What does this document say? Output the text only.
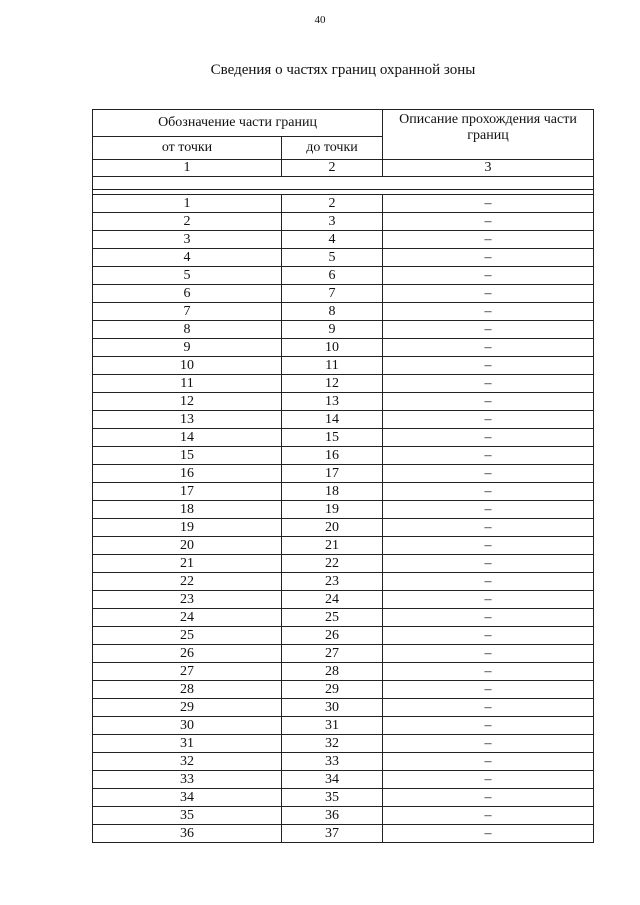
40
Сведения о частях границ охранной зоны
Обозначение части границ		Описание прохождения части границ
от точки	до точки	
1	2	3

1	2	–
2	3	–
3	4	–
4	5	–
5	6	–
6	7	–
7	8	–
8	9	–
9	10	–
10	11	–
11	12	–
12	13	–
13	14	–
14	15	–
15	16	–
16	17	–
17	18	–
18	19	–
19	20	–
20	21	–
21	22	–
22	23	–
23	24	–
24	25	–
25	26	–
26	27	–
27	28	–
28	29	–
29	30	–
30	31	–
31	32	–
32	33	–
33	34	–
34	35	–
35	36	–
36	37	–
